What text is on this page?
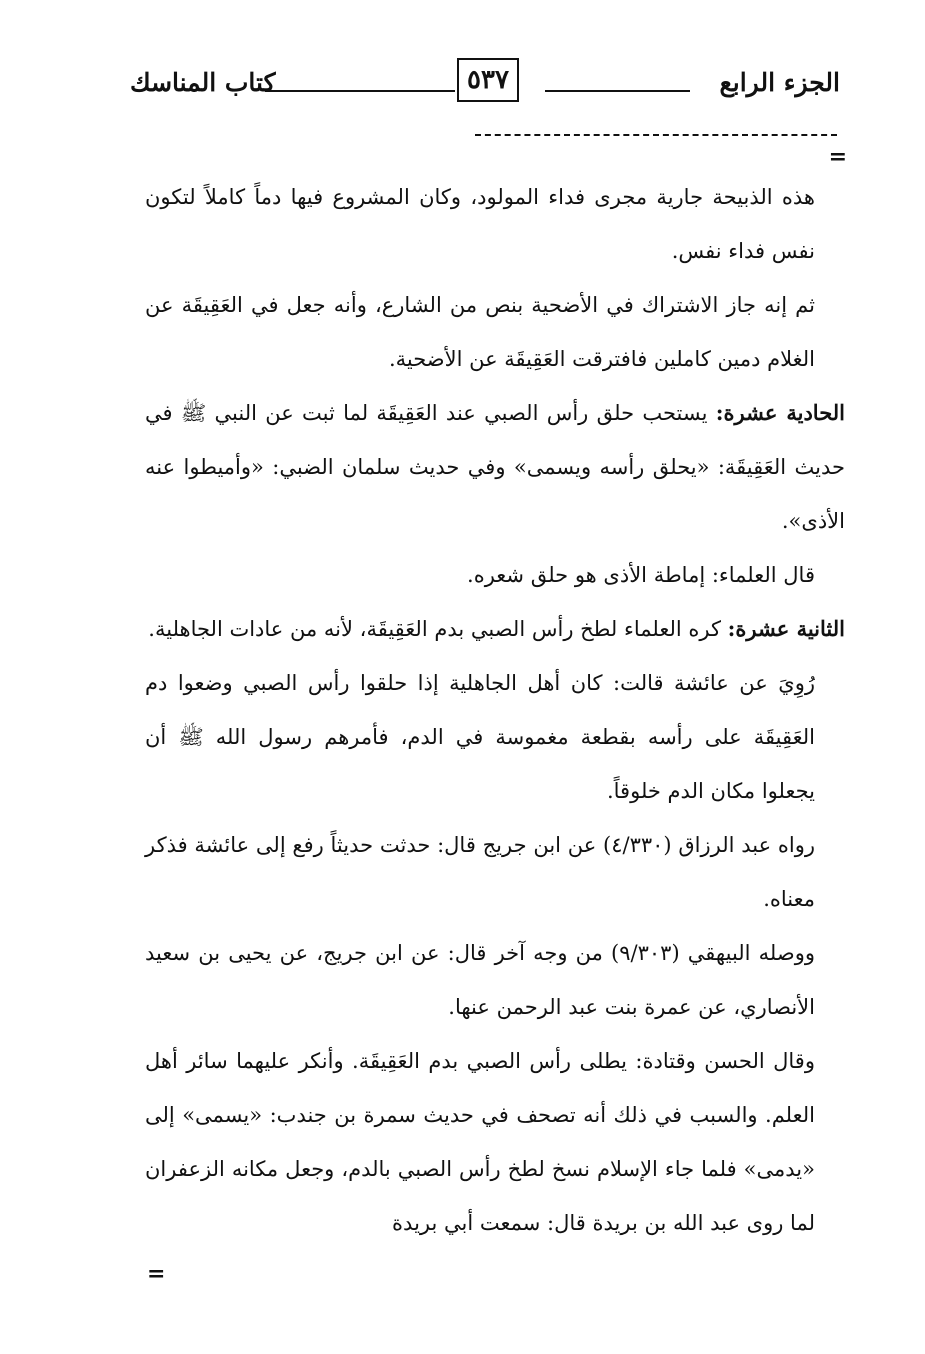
الجزء الرابع
٥٣٧
كتاب المناسك
=

هذه الذبيحة جارية مجرى فداء المولود، وكان المشروع فيها دماً كاملاً لتكون نفس فداء نفس.

ثم إنه جاز الاشتراك في الأضحية بنص من الشارع، وأنه جعل في العَقِيقَة عن الغلام دمين كاملين فافترقت العَقِيقَة عن الأضحية.

الحادية عشرة: يستحب حلق رأس الصبي عند العَقِيقَة لما ثبت عن النبي ﷺ في حديث العَقِيقَة: «يحلق رأسه ويسمى» وفي حديث سلمان الضبي: «وأميطوا عنه الأذى».

قال العلماء: إماطة الأذى هو حلق شعره.

الثانية عشرة: كره العلماء لطخ رأس الصبي بدم العَقِيقَة، لأنه من عادات الجاهلية.

رُوِيَ عن عائشة قالت: كان أهل الجاهلية إذا حلقوا رأس الصبي وضعوا دم العَقِيقَة على رأسه بقطعة مغموسة في الدم، فأمرهم رسول الله ﷺ أن يجعلوا مكان الدم خلوقاً.

رواه عبد الرزاق (٤/٣٣٠) عن ابن جريج قال: حدثت حديثاً رفع إلى عائشة فذكر معناه.

ووصله البيهقي (٩/٣٠٣) من وجه آخر قال: عن ابن جريج، عن يحيى بن سعيد الأنصاري، عن عمرة بنت عبد الرحمن عنها.

وقال الحسن وقتادة: يطلى رأس الصبي بدم العَقِيقَة. وأنكر عليهما سائر أهل العلم. والسبب في ذلك أنه تصحف في حديث سمرة بن جندب: «يسمى» إلى «يدمى» فلما جاء الإسلام نسخ لطخ رأس الصبي بالدم، وجعل مكانه الزعفران لما روى عبد الله بن بريدة قال: سمعت أبي بريدة

=
